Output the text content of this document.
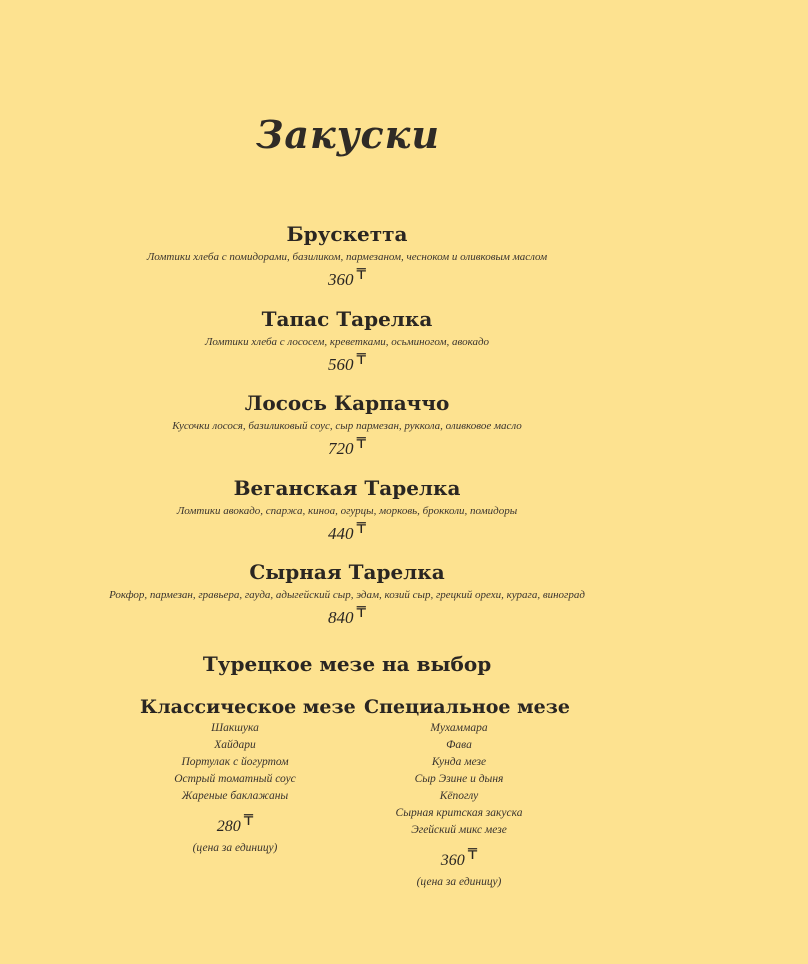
Закуски
Брускетта
Ломтики хлеба с помидорами, базиликом, пармезаном, чесноком и оливковым маслом
360 ₸
Тапас Тарелка
Ломтики хлеба с лососем, креветками, осьминогом, авокадо
560 ₸
Лосось Карпаччо
Кусочки лосося, базиликовый соус, сыр пармезан, руккола, оливковое масло
720 ₸
Веганская Тарелка
Ломтики авокадо, спаржа, киноа, огурцы, морковь, брокколи, помидоры
440 ₸
Сырная Тарелка
Рокфор, пармезан, гравьера, гауда, адыгейский сыр, эдам, козий сыр, грецкий орехи, курага, виноград
840 ₸
Турецкое мезе на выбор
Классическое мезе
Шакшука
Хайдари
Портулак с йогуртом
Острый томатный соус
Жареные баклажаны
280 ₸
(цена за единицу)
Специальное мезе
Мухаммара
Фава
Кунда мезе
Сыр Эзине и дыня
Кёпоглу
Сырная критская закуска
Эгейский микс мезе
360 ₸
(цена за единицу)
